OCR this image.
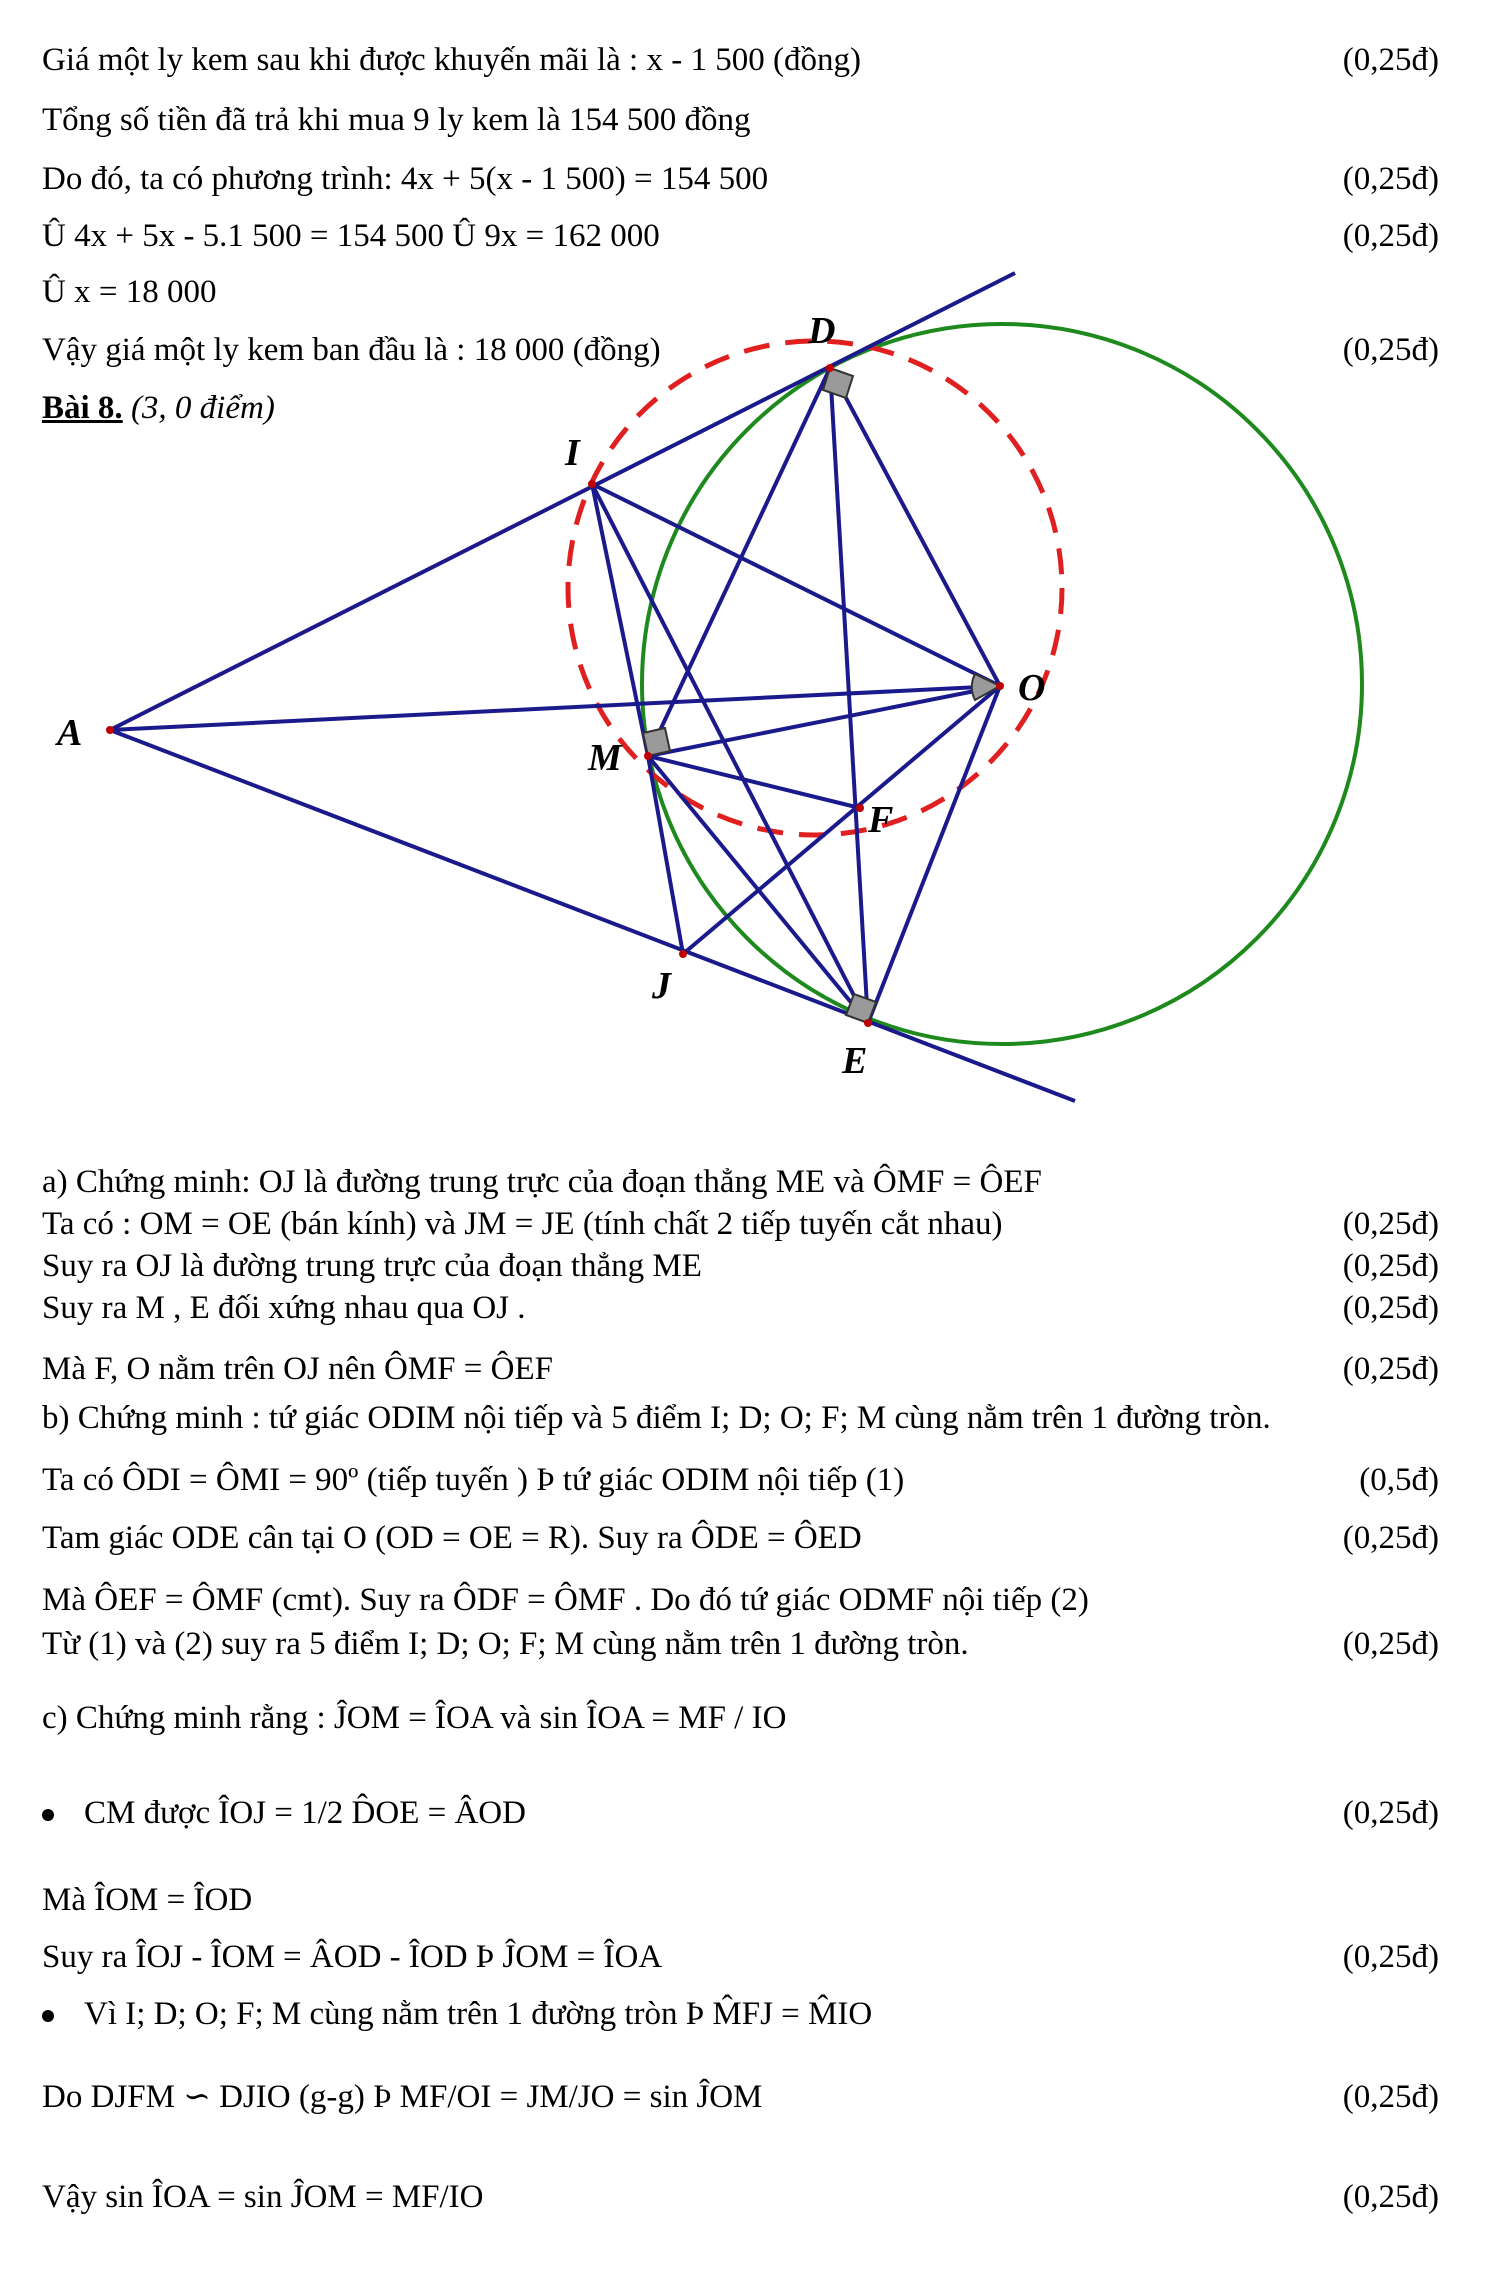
Giá một ly kem sau khi được khuyến mãi là : x - 1 500 (đồng)	(0,25đ)
Tổng số tiền đã trả khi mua 9 ly kem là 154 500 đồng
Do đó, ta có phương trình: 4x + 5(x - 1 500) = 154 500	(0,25đ)
Û 4x + 5x - 5.1 500 = 154 500 Û 9x = 162 000	(0,25đ)
Û x = 18 000
Vậy giá một ly kem ban đầu là : 18 000 (đồng)	(0,25đ)
Bài 8. (3, 0 điểm)
A
D
I
O
M
F
J
E
a) Chứng minh: OJ là đường trung trực của đoạn thẳng ME và ÔMF = ÔEF
Ta có : OM = OE (bán kính) và JM = JE (tính chất 2 tiếp tuyến cắt nhau)	(0,25đ)
Suy ra OJ là đường trung trực của đoạn thẳng ME	(0,25đ)
Suy ra M , E đối xứng nhau qua OJ .	(0,25đ)
Mà F, O nằm trên OJ nên ÔMF = ÔEF	(0,25đ)
b) Chứng minh : tứ giác ODIM nội tiếp và 5 điểm I; D; O; F; M cùng nằm trên 1 đường tròn.
Ta có ÔDI = ÔMI = 90º (tiếp tuyến ) Þ tứ giác ODIM nội tiếp (1)	(0,5đ)
Tam giác ODE cân tại O (OD = OE = R). Suy ra ÔDE = ÔED	(0,25đ)
Mà ÔEF = ÔMF (cmt). Suy ra ÔDF = ÔMF . Do đó tứ giác ODMF nội tiếp (2)
Từ (1) và (2) suy ra 5 điểm I; D; O; F; M cùng nằm trên 1 đường tròn.	(0,25đ)
c) Chứng minh rằng : ĴOM = ÎOA và sin ÎOA = MF / IO
CM được ÎOJ = 1/2 D̂OE = ÂOD	(0,25đ)
Mà ÎOM = ÎOD
Suy ra ÎOJ - ÎOM = ÂOD - ÎOD Þ ĴOM = ÎOA	(0,25đ)
Vì I; D; O; F; M cùng nằm trên 1 đường tròn Þ M̂FJ = M̂IO
Do DJFM ∽ DJIO (g-g) Þ MF/OI = JM/JO = sin ĴOM	(0,25đ)
Vậy sin ÎOA = sin ĴOM = MF/IO	(0,25đ)
